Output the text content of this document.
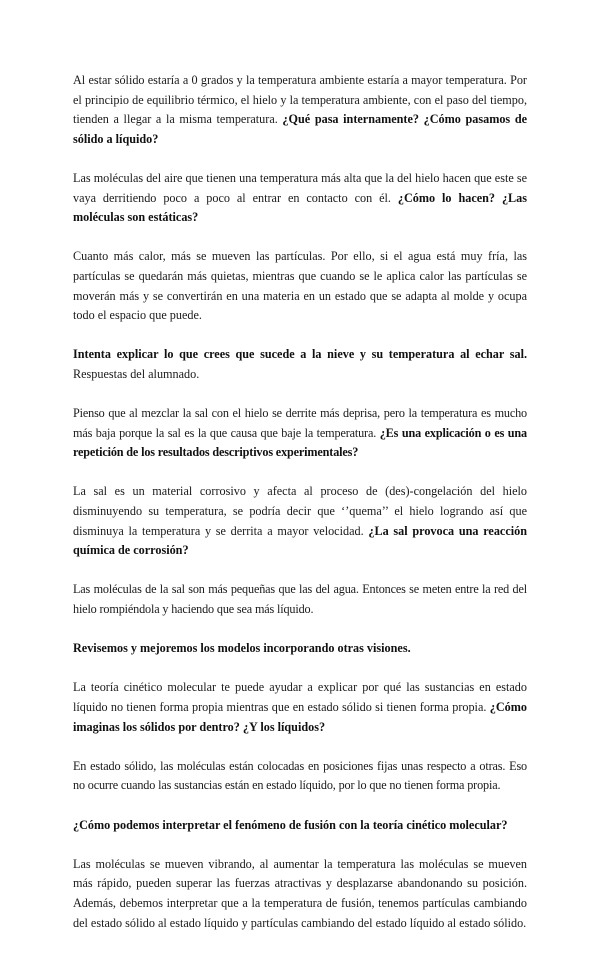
Al estar sólido estaría a 0 grados y la temperatura ambiente estaría a mayor temperatura. Por el principio de equilibrio térmico, el hielo y la temperatura ambiente, con el paso del tiempo, tienden a llegar a la misma temperatura. ¿Qué pasa internamente? ¿Cómo pasamos de sólido a líquido?

Las moléculas del aire que tienen una temperatura más alta que la del hielo hacen que este se vaya derritiendo poco a poco al entrar en contacto con él. ¿Cómo lo hacen? ¿Las moléculas son estáticas?

Cuanto más calor, más se mueven las partículas. Por ello, si el agua está muy fría, las partículas se quedarán más quietas, mientras que cuando se le aplica calor las partículas se moverán más y se convertirán en una materia en un estado que se adapta al molde y ocupa todo el espacio que puede.

Intenta explicar lo que crees que sucede a la nieve y su temperatura al echar sal. Respuestas del alumnado.

Pienso que al mezclar la sal con el hielo se derrite más deprisa, pero la temperatura es mucho más baja porque la sal es la que causa que baje la temperatura. ¿Es una explicación o es una repetición de los resultados descriptivos experimentales?

La sal es un material corrosivo y afecta al proceso de (des)-congelación del hielo disminuyendo su temperatura, se podría decir que ‘’quema’’ el hielo logrando así que disminuya la temperatura y se derrita a mayor velocidad. ¿La sal provoca una reacción química de corrosión?

Las moléculas de la sal son más pequeñas que las del agua. Entonces se meten entre la red del hielo rompiéndola y haciendo que sea más líquido.

Revisemos y mejoremos los modelos incorporando otras visiones.

La teoría cinético molecular te puede ayudar a explicar por qué las sustancias en estado líquido no tienen forma propia mientras que en estado sólido si tienen forma propia. ¿Cómo imaginas los sólidos por dentro? ¿Y los líquidos?

En estado sólido, las moléculas están colocadas en posiciones fijas unas respecto a otras. Eso no ocurre cuando las sustancias están en estado líquido, por lo que no tienen forma propia.

¿Cómo podemos interpretar el fenómeno de fusión con la teoría cinético molecular?

Las moléculas se mueven vibrando, al aumentar la temperatura las moléculas se mueven más rápido, pueden superar las fuerzas atractivas y desplazarse abandonando su posición. Además, debemos interpretar que a la temperatura de fusión, tenemos partículas cambiando del estado sólido al estado líquido y partículas cambiando del estado líquido al estado sólido.
